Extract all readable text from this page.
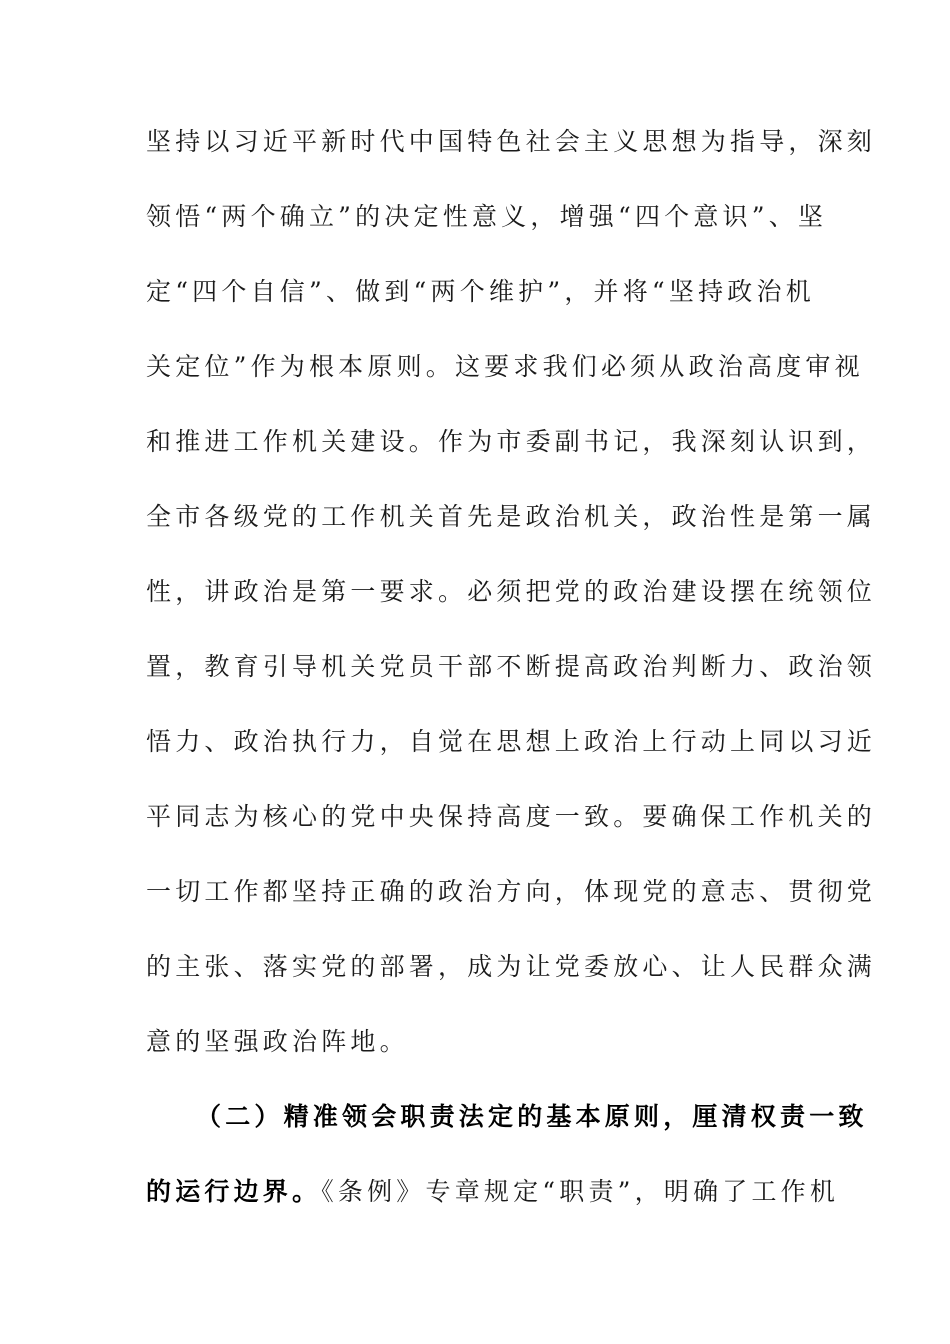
坚持以习近平新时代中国特色社会主义思想为指导，深刻
领悟“两个确立”的决定性意义，增强“四个意识”、坚
定“四个自信”、做到“两个维护”，并将“坚持政治机
关定位”作为根本原则。这要求我们必须从政治高度审视
和推进工作机关建设。作为市委副书记，我深刻认识到，
全市各级党的工作机关首先是政治机关，政治性是第一属
性，讲政治是第一要求。必须把党的政治建设摆在统领位
置，教育引导机关党员干部不断提高政治判断力、政治领
悟力、政治执行力，自觉在思想上政治上行动上同以习近
平同志为核心的党中央保持高度一致。要确保工作机关的
一切工作都坚持正确的政治方向，体现党的意志、贯彻党
的主张、落实党的部署，成为让党委放心、让人民群众满
意的坚强政治阵地。
（二）精准领会职责法定的基本原则，厘清权责一致
的运行边界。《条例》专章规定“职责”，明确了工作机
